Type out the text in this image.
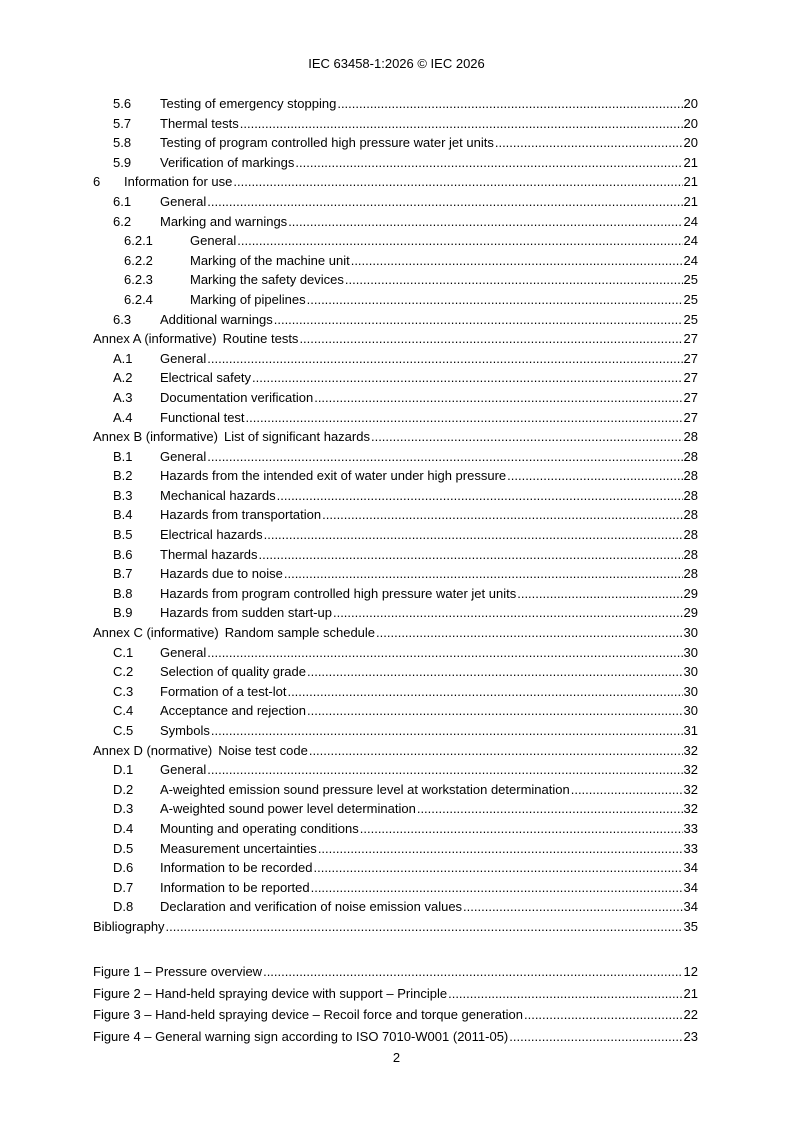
IEC 63458-1:2026 © IEC 2026
5.6	Testing of emergency stopping .....	20
5.7	Thermal tests .....	20
5.8	Testing of program controlled high pressure water jet units .....	20
5.9	Verification of markings .....	21
6	Information for use .....	21
6.1	General .....	21
6.2	Marking and warnings .....	24
6.2.1	General .....	24
6.2.2	Marking of the machine unit .....	24
6.2.3	Marking the safety devices .....	25
6.2.4	Marking of pipelines .....	25
6.3	Additional warnings .....	25
Annex A (informative) Routine tests .....	27
A.1	General .....	27
A.2	Electrical safety .....	27
A.3	Documentation verification .....	27
A.4	Functional test .....	27
Annex B (informative) List of significant hazards .....	28
B.1	General .....	28
B.2	Hazards from the intended exit of water under high pressure .....	28
B.3	Mechanical hazards .....	28
B.4	Hazards from transportation .....	28
B.5	Electrical hazards .....	28
B.6	Thermal hazards .....	28
B.7	Hazards due to noise .....	28
B.8	Hazards from program controlled high pressure water jet units .....	29
B.9	Hazards from sudden start-up .....	29
Annex C (informative) Random sample schedule .....	30
C.1	General .....	30
C.2	Selection of quality grade .....	30
C.3	Formation of a test-lot .....	30
C.4	Acceptance and rejection .....	30
C.5	Symbols .....	31
Annex D (normative) Noise test code .....	32
D.1	General .....	32
D.2	A-weighted emission sound pressure level at workstation determination .....	32
D.3	A-weighted sound power level determination .....	32
D.4	Mounting and operating conditions .....	33
D.5	Measurement uncertainties .....	33
D.6	Information to be recorded .....	34
D.7	Information to be reported .....	34
D.8	Declaration and verification of noise emission values .....	34
Bibliography .....	35
Figure 1 – Pressure overview .....	12
Figure 2 – Hand-held spraying device with support – Principle .....	21
Figure 3 – Hand-held spraying device – Recoil force and torque generation .....	22
Figure 4 – General warning sign according to ISO 7010-W001 (2011-05) .....	23
2
